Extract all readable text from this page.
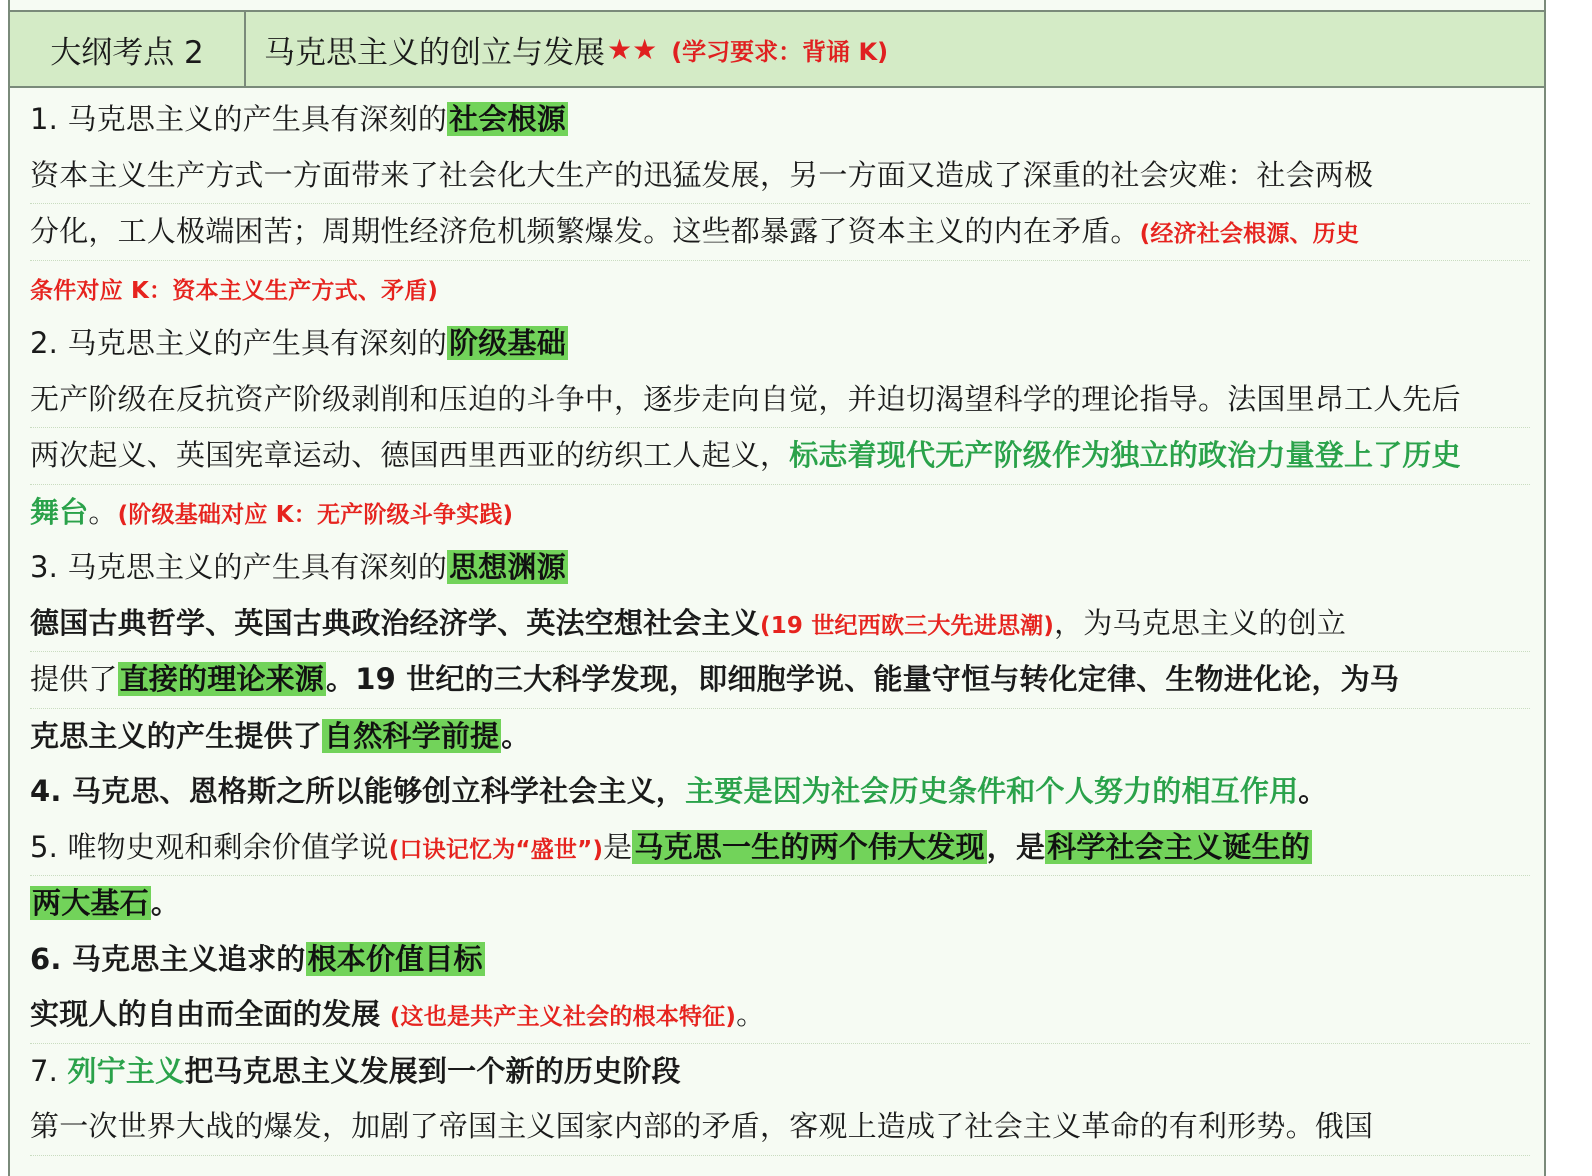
大纲考点 2	马克思主义的创立与发展 ★★ (学习要求：背诵 K)
1. 马克思主义的产生具有深刻的社会根源
资本主义生产方式一方面带来了社会化大生产的迅猛发展，另一方面又造成了深重的社会灾难：社会两极
分化，工人极端困苦；周期性经济危机频繁爆发。这些都暴露了资本主义的内在矛盾。(经济社会根源、历史
条件对应 K：资本主义生产方式、矛盾)
2. 马克思主义的产生具有深刻的阶级基础
无产阶级在反抗资产阶级剥削和压迫的斗争中，逐步走向自觉，并迫切渴望科学的理论指导。法国里昂工人先后
两次起义、英国宪章运动、德国西里西亚的纺织工人起义，标志着现代无产阶级作为独立的政治力量登上了历史
舞台。(阶级基础对应 K：无产阶级斗争实践)
3. 马克思主义的产生具有深刻的思想渊源
德国古典哲学、英国古典政治经济学、英法空想社会主义(19 世纪西欧三大先进思潮)，为马克思主义的创立
提供了直接的理论来源。19 世纪的三大科学发现，即细胞学说、能量守恒与转化定律、生物进化论，为马
克思主义的产生提供了自然科学前提。
4. 马克思、恩格斯之所以能够创立科学社会主义，主要是因为社会历史条件和个人努力的相互作用。
5. 唯物史观和剩余价值学说(口诀记忆为“盛世”)是马克思一生的两个伟大发现，是科学社会主义诞生的
两大基石。
6. 马克思主义追求的根本价值目标
实现人的自由而全面的发展 (这也是共产主义社会的根本特征)。
7. 列宁主义把马克思主义发展到一个新的历史阶段
第一次世界大战的爆发，加剧了帝国主义国家内部的矛盾，客观上造成了社会主义革命的有利形势。俄国
